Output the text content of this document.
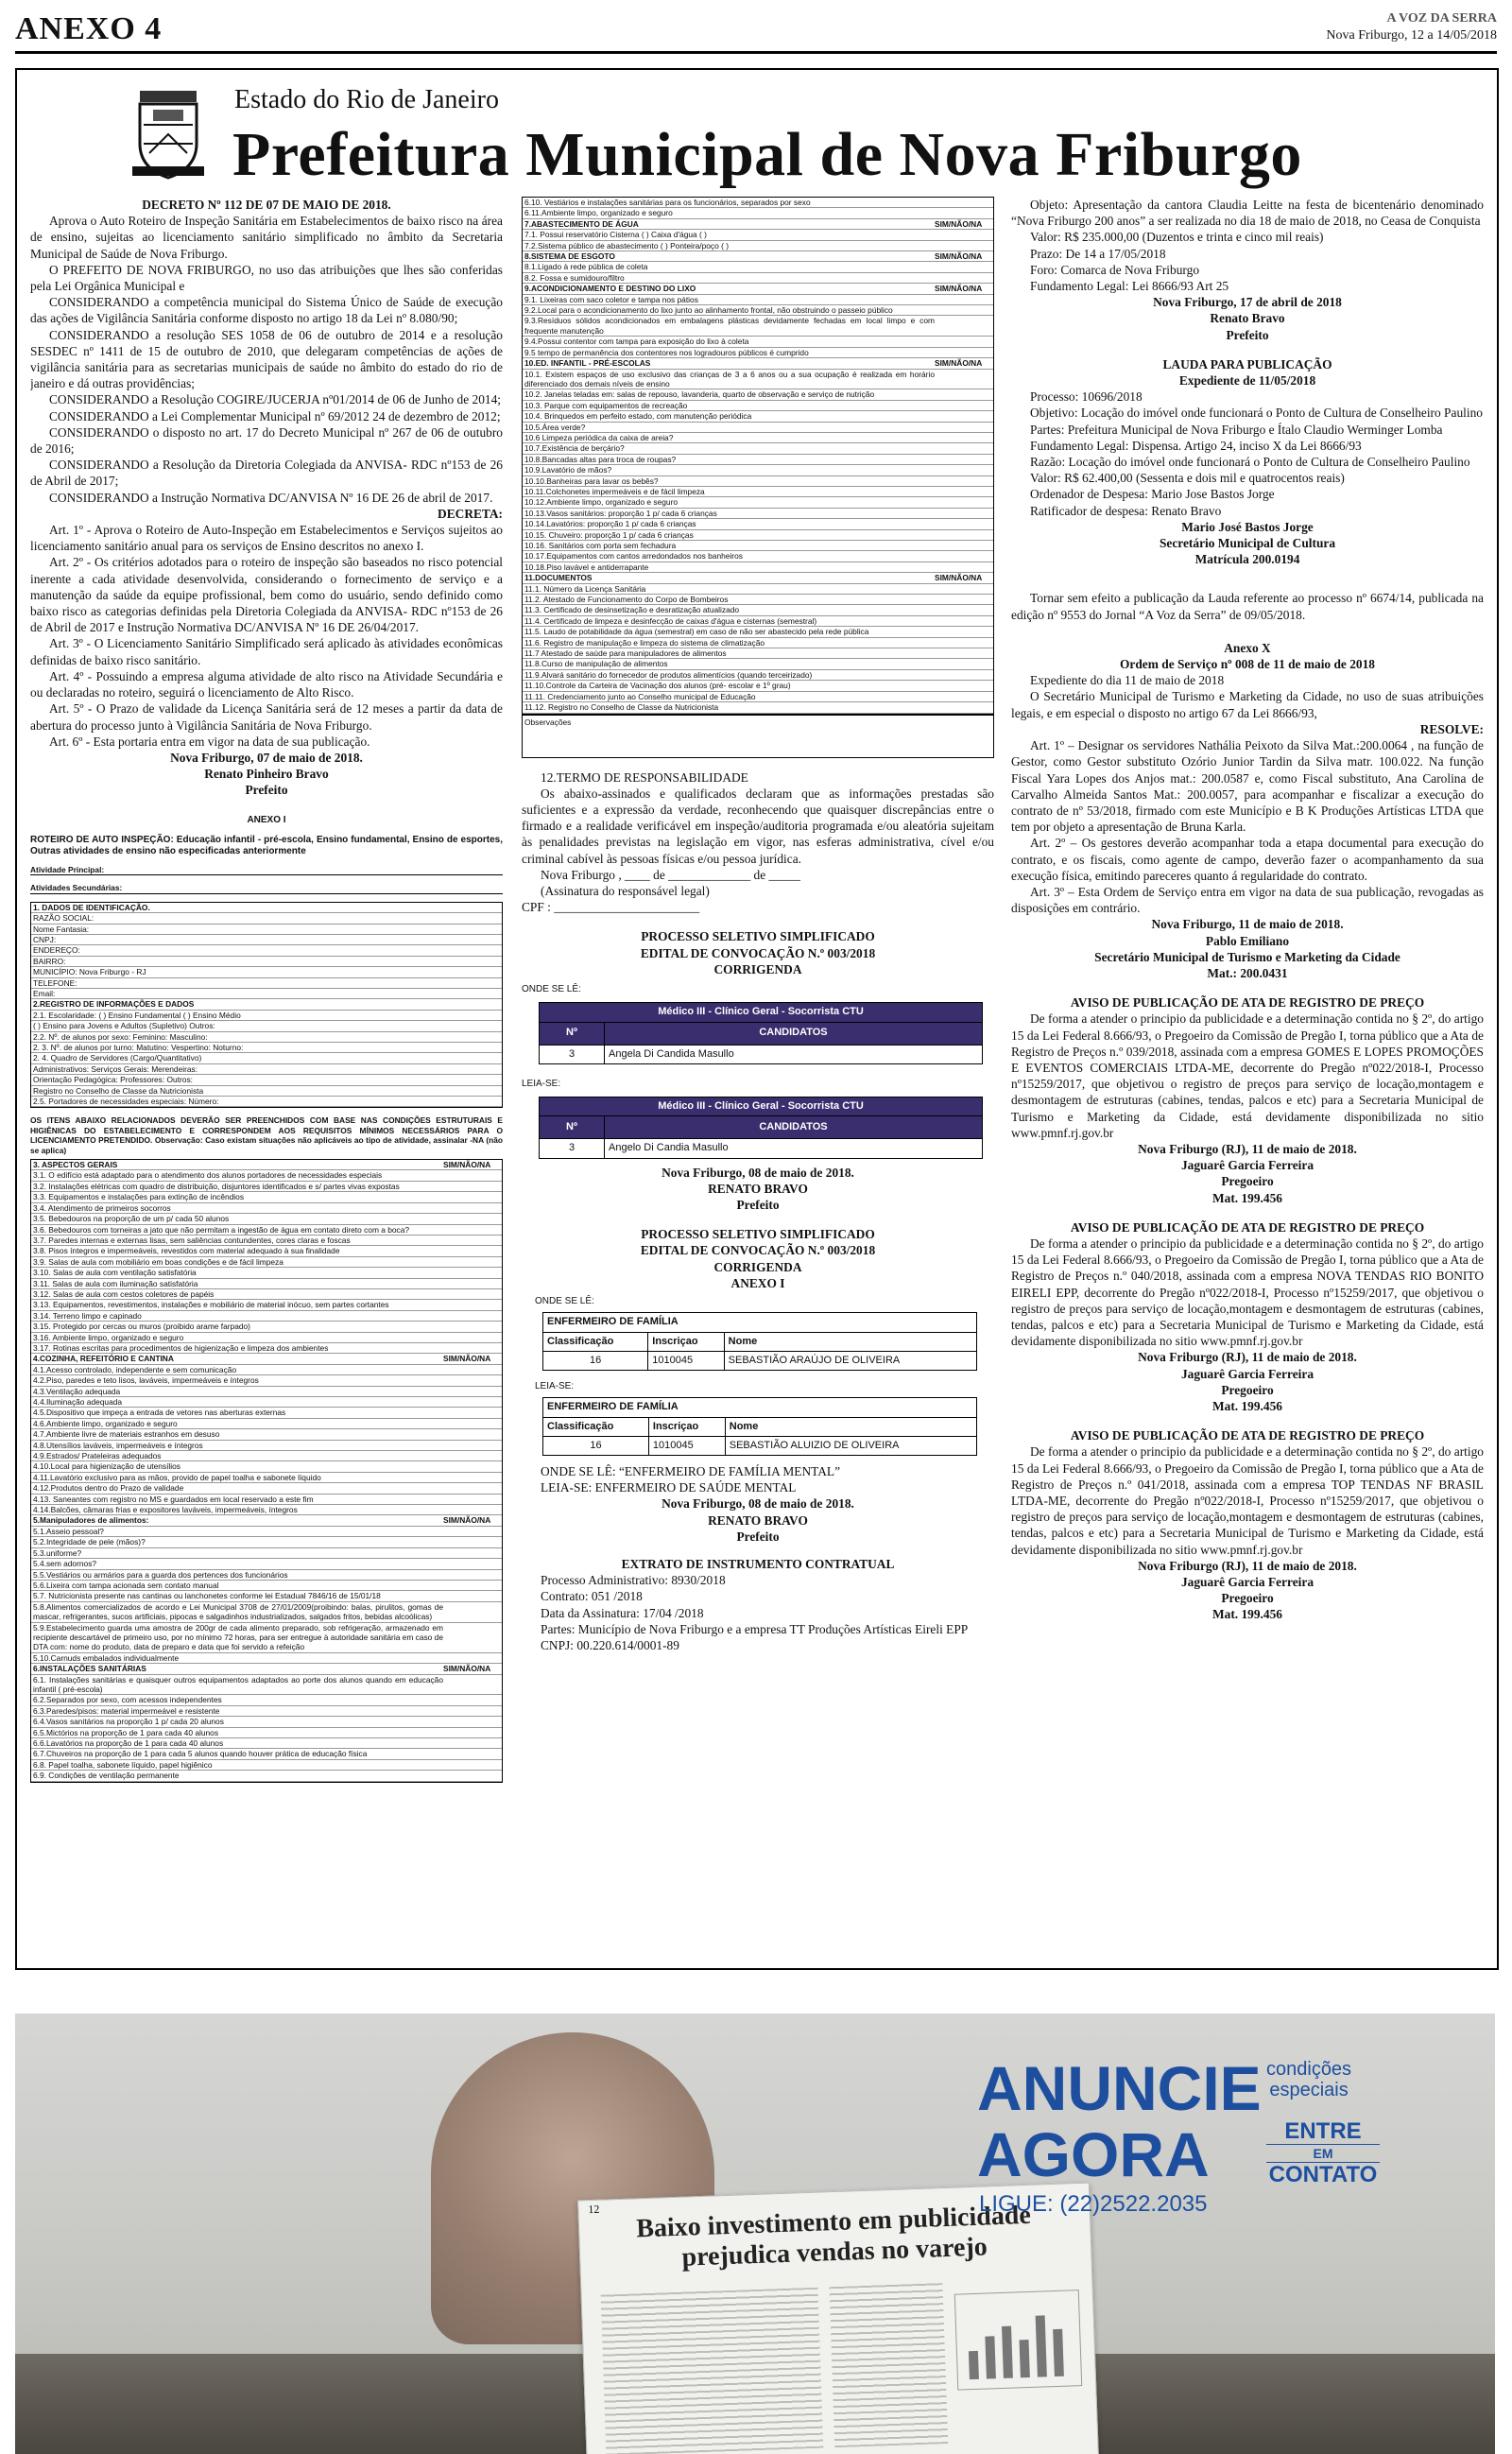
ANEXO 4	A VOZ DA SERRA
Nova Friburgo, 12 a 14/05/2018
Estado do Rio de Janeiro
Prefeitura Municipal de Nova Friburgo

DECRETO Nº 112 DE 07 DE MAIO DE 2018.

Aprova o Auto Roteiro de Inspeção Sanitária em Estabelecimentos de baixo risco na área de ensino, sujeitas ao licenciamento sanitário simplificado no âmbito da Secretaria Municipal de Saúde de Nova Friburgo.

O PREFEITO DE NOVA FRIBURGO, no uso das atribuições que lhes são conferidas pela Lei Orgânica Municipal e

CONSIDERANDO a competência municipal do Sistema Único de Saúde de execução das ações de Vigilância Sanitária conforme disposto no artigo 18 da Lei nº 8.080/90;

CONSIDERANDO a resolução SES 1058 de 06 de outubro de 2014 e a resolução SESDEC nº 1411 de 15 de outubro de 2010, que delegaram competências de ações de vigilância sanitária para as secretarias municipais de saúde no âmbito do estado do rio de janeiro e dá outras providências;

CONSIDERANDO a Resolução COGIRE/JUCERJA nº01/2014 de 06 de Junho de 2014;

CONSIDERANDO a Lei Complementar Municipal nº 69/2012 24 de dezembro de 2012;

CONSIDERANDO o disposto no art. 17 do Decreto Municipal nº 267 de 06 de outubro de 2016;

CONSIDERANDO a Resolução da Diretoria Colegiada da ANVISA- RDC nº153 de 26 de Abril de 2017;

CONSIDERANDO a Instrução Normativa DC/ANVISA Nº 16 DE 26 de abril de 2017.

DECRETA:

Art. 1º - Aprova o Roteiro de Auto-Inspeção em Estabelecimentos e Serviços sujeitos ao licenciamento sanitário anual para os serviços de Ensino descritos no anexo I.

Art. 2º - Os critérios adotados para o roteiro de inspeção são baseados no risco potencial inerente a cada atividade desenvolvida, considerando o fornecimento de serviço e a manutenção da saúde da equipe profissional, bem como do usuário, sendo definido como baixo risco as categorias definidas pela Diretoria Colegiada da ANVISA- RDC nº153 de 26 de Abril de 2017 e Instrução Normativa DC/ANVISA Nº 16 DE 26/04/2017.

Art. 3º - O Licenciamento Sanitário Simplificado será aplicado às atividades econômicas definidas de baixo risco sanitário.

Art. 4º - Possuindo a empresa alguma atividade de alto risco na Atividade Secundária e ou declaradas no roteiro, seguirá o licenciamento de Alto Risco.

Art. 5º - O Prazo de validade da Licença Sanitária será de 12 meses a partir da data de abertura do processo junto à Vigilância Sanitária de Nova Friburgo.

Art. 6º - Esta portaria entra em vigor na data de sua publicação.

Nova Friburgo, 07 de maio de 2018.

Renato Pinheiro Bravo

Prefeito

ANEXO I
ROTEIRO DE AUTO INSPEÇÃO: Educação infantil - pré-escola, Ensino fundamental, Ensino de esportes, Outras atividades de ensino não especificadas anteriormente
Atividade Principal:
Atividades Secundárias:
1. DADOS DE IDENTIFICAÇÃO.
RAZÃO SOCIAL:
Nome Fantasia:
CNPJ:
ENDEREÇO:
BAIRRO:
MUNICÍPIO: Nova Friburgo - RJ
TELEFONE:
Email:
2.REGISTRO DE INFORMAÇÕES E DADOS
2.1. Escolaridade: ( ) Ensino Fundamental ( ) Ensino Médio
( ) Ensino para Jovens e Adultos (Supletivo) Outros:
2.2. Nº. de alunos por sexo: Feminino: Masculino:
2. 3. Nº. de alunos por turno: Matutino: Vespertino: Noturno:
2. 4. Quadro de Servidores (Cargo/Quantitativo)
Administrativos: Serviços Gerais: Merendeiras:
Orientação Pedagógica: Professores: Outros:
Registro no Conselho de Classe da Nutricionista
2.5. Portadores de necessidades especiais: Número:
OS ITENS ABAIXO RELACIONADOS DEVERÃO SER PREENCHIDOS COM BASE NAS CONDIÇÕES ESTRUTURAIS E HIGIÊNICAS DO ESTABELECIMENTO E CORRESPONDEM AOS REQUISITOS MÍNIMOS NECESSÁRIOS PARA O LICENCIAMENTO PRETENDIDO. Observação: Caso existam situações não aplicáveis ao tipo de atividade, assinalar -NA (não se aplica)
3. ASPECTOS GERAIS	SIM/NÃO/NA
3.1. O edifício está adaptado para o atendimento dos alunos portadores de necessidades especiais
3.2. Instalações elétricas com quadro de distribuição, disjuntores identificados e s/ partes vivas expostas
3.3. Equipamentos e instalações para extinção de incêndios
3.4. Atendimento de primeiros socorros
3.5. Bebedouros na proporção de um p/ cada 50 alunos
3.6. Bebedouros com torneiras a jato que não permitam a ingestão de água em contato direto com a boca?
3.7. Paredes internas e externas lisas, sem saliências contundentes, cores claras e foscas
3.8. Pisos íntegros e impermeáveis, revestidos com material adequado à sua finalidade
3.9. Salas de aula com mobiliário em boas condições e de fácil limpeza
3.10. Salas de aula com ventilação satisfatória
3.11. Salas de aula com iluminação satisfatória
3.12. Salas de aula com cestos coletores de papéis
3.13. Equipamentos, revestimentos, instalações e mobiliário de material inócuo, sem partes cortantes
3.14. Terreno limpo e capinado
3.15. Protegido por cercas ou muros (proibido arame farpado)
3.16. Ambiente limpo, organizado e seguro
3.17. Rotinas escritas para procedimentos de higienização e limpeza dos ambientes
4.COZINHA, REFEITÓRIO E CANTINA	SIM/NÃO/NA
4.1.Acesso controlado, independente e sem comunicação
4.2.Piso, paredes e teto lisos, laváveis, impermeáveis e íntegros
4.3.Ventilação adequada
4.4.Iluminação adequada
4.5.Dispositivo que impeça a entrada de vetores nas aberturas externas
4.6.Ambiente limpo, organizado e seguro
4.7.Ambiente livre de materiais estranhos em desuso
4.8.Utensílios laváveis, impermeáveis e íntegros
4.9.Estrados/ Prateleiras adequados
4.10.Local para higienização de utensílios
4.11.Lavatório exclusivo para as mãos, provido de papel toalha e sabonete líquido
4.12.Produtos dentro do Prazo de validade
4.13. Saneantes com registro no MS e guardados em local reservado a este fim
4.14.Balcões, câmaras frias e expositores laváveis, impermeáveis, íntegros
5.Manipuladores de alimentos:	SIM/NÃO/NA
5.1.Asseio pessoal?
5.2.Integridade de pele (mãos)?
5.3.uniforme?
5.4.sem adornos?
5.5.Vestiários ou armários para a guarda dos pertences dos funcionários
5.6.Lixeira com tampa acionada sem contato manual
5.7. Nutricionista presente nas cantinas ou lanchonetes conforme lei Estadual 7846/16 de 15/01/18
5.8.Alimentos comercializados de acordo e Lei Municipal 3708 de 27/01/2009(proibindo: balas, pirulitos, gomas de mascar, refrigerantes, sucos artificiais, pipocas e salgadinhos industrializados, salgados fritos, bebidas alcoólicas)
5.9.Estabelecimento guarda uma amostra de 200gr de cada alimento preparado, sob refrigeração, armazenado em recipiente descartável de primeiro uso, por no mínimo 72 horas, para ser entregue à autoridade sanitária em caso de DTA com: nome do produto, data de preparo e data que foi servido a refeição
5.10.Carnuds embalados individualmente
6.INSTALAÇÕES SANITÁRIAS	SIM/NÃO/NA
6.1. Instalações sanitárias e quaisquer outros equipamentos adaptados ao porte dos alunos quando em educação infantil ( pré-escola)
6.2.Separados por sexo, com acessos independentes
6.3.Paredes/pisos: material impermeável e resistente
6.4.Vasos sanitários na proporção 1 p/ cada 20 alunos
6.5.Mictórios na proporção de 1 para cada 40 alunos
6.6.Lavatórios na proporção de 1 para cada 40 alunos
6.7.Chuveiros na proporção de 1 para cada 5 alunos quando houver prática de educação física
6.8. Papel toalha, sabonete líquido, papel higiênico
6.9. Condições de ventilação permanente
6.10. Vestiários e instalações sanitárias para os funcionários, separados por sexo
6.11.Ambiente limpo, organizado e seguro
7.ABASTECIMENTO DE ÁGUA	SIM/NÃO/NA
7.1. Possui reservatório Cisterna ( ) Caixa d'água ( )
7.2.Sistema público de abastecimento ( ) Ponteira/poço ( )
8.SISTEMA DE ESGOTO	SIM/NÃO/NA
8.1.Ligado à rede pública de coleta
8.2. Fossa e sumidouro/filtro
9.ACONDICIONAMENTO E DESTINO DO LIXO	SIM/NÃO/NA
9.1. Lixeiras com saco coletor e tampa nos pátios
9.2.Local para o acondicionamento do lixo junto ao alinhamento frontal, não obstruindo o passeio público
9.3.Resíduos sólidos acondicionados em embalagens plásticas devidamente fechadas em local limpo e com frequente manutenção
9.4.Possui contentor com tampa para exposição do lixo à coleta
9.5 tempo de permanência dos contentores nos logradouros públicos é cumprido
10.ED. INFANTIL - PRÉ-ESCOLAS	SIM/NÃO/NA
10.1. Existem espaços de uso exclusivo das crianças de 3 a 6 anos ou a sua ocupação é realizada em horário diferenciado dos demais níveis de ensino
10.2. Janelas teladas em: salas de repouso, lavanderia, quarto de observação e serviço de nutrição
10.3. Parque com equipamentos de recreação
10.4. Brinquedos em perfeito estado, com manutenção periódica
10.5.Área verde?
10.6 Limpeza periódica da caixa de areia?
10.7.Existência de berçário?
10.8.Bancadas altas para troca de roupas?
10.9.Lavatório de mãos?
10.10.Banheiras para lavar os bebês?
10.11.Colchonetes impermeáveis e de fácil limpeza
10.12.Ambiente limpo, organizado e seguro
10.13.Vasos sanitários: proporção 1 p/ cada 6 crianças
10.14.Lavatórios: proporção 1 p/ cada 6 crianças
10.15. Chuveiro: proporção 1 p/ cada 6 crianças
10.16. Sanitários com porta sem fechadura
10.17.Equipamentos com cantos arredondados nos banheiros
10.18.Piso lavável e antiderrapante
11.DOCUMENTOS	SIM/NÃO/NA
11.1. Número da Licença Sanitária
11.2. Atestado de Funcionamento do Corpo de Bombeiros
11.3. Certificado de desinsetização e desratização atualizado
11.4. Certificado de limpeza e desinfecção de caixas d'água e cisternas (semestral)
11.5. Laudo de potabilidade da água (semestral) em caso de não ser abastecido pela rede pública
11.6. Registro de manipulação e limpeza do sistema de climatização
11.7 Atestado de saúde para manipuladores de alimentos
11.8.Curso de manipulação de alimentos
11.9.Alvará sanitário do fornecedor de produtos alimentícios (quando terceirizado)
11.10.Controle da Carteira de Vacinação dos alunos (pré- escolar e 1º grau)
11.11. Credenciamento junto ao Conselho municipal de Educação
11.12. Registro no Conselho de Classe da Nutricionista
Observações

12.TERMO DE RESPONSABILIDADE

Os abaixo-assinados e qualificados declaram que as informações prestadas são suficientes e a expressão da verdade, reconhecendo que quaisquer discrepâncias entre o firmado e a realidade verificável em inspeção/auditoria programada e/ou aleatória sujeitam às penalidades previstas na legislação em vigor, nas esferas administrativa, cível e/ou criminal cabível às pessoas físicas e/ou pessoa jurídica.

Nova Friburgo , ____ de _____________ de _____

(Assinatura do responsável legal)

CPF : _______________________

PROCESSO SELETIVO SIMPLIFICADO

EDITAL DE CONVOCAÇÃO N.º 003/2018

CORRIGENDA

ONDE SE LÊ:
Médico III - Clínico Geral - Socorrista CTU	
Nº	CANDIDATOS
3	Angela Di Candida Masullo
LEIA-SE:
Médico III - Clínico Geral - Socorrista CTU	
Nº	CANDIDATOS
3	Angelo Di Candia Masullo

Nova Friburgo, 08 de maio de 2018.

RENATO BRAVO

Prefeito

PROCESSO SELETIVO SIMPLIFICADO

EDITAL DE CONVOCAÇÃO N.º 003/2018

CORRIGENDA

ANEXO I

ONDE SE LÊ:
ENFERMEIRO DE FAMÍLIA		
Classificação	Inscriçao	Nome
16	1010045	SEBASTIÃO ARAÚJO DE OLIVEIRA
LEIA-SE:
ENFERMEIRO DE FAMÍLIA		
Classificação	Inscriçao	Nome
16	1010045	SEBASTIÃO ALUIZIO DE OLIVEIRA

ONDE SE LÊ: “ENFERMEIRO DE FAMÍLIA MENTAL”

LEIA-SE: ENFERMEIRO DE SAÚDE MENTAL

Nova Friburgo, 08 de maio de 2018.

RENATO BRAVO

Prefeito

EXTRATO DE INSTRUMENTO CONTRATUAL

Processo Administrativo: 8930/2018

Contrato: 051 /2018

Data da Assinatura: 17/04 /2018

Partes: Município de Nova Friburgo e a empresa TT Produções Artísticas Eireli EPP

CNPJ: 00.220.614/0001-89

Objeto: Apresentação da cantora Claudia Leitte na festa de bicentenário denominado “Nova Friburgo 200 anos” a ser realizada no dia 18 de maio de 2018, no Ceasa de Conquista

Valor: R$ 235.000,00 (Duzentos e trinta e cinco mil reais)

Prazo: De 14 a 17/05/2018

Foro: Comarca de Nova Friburgo

Fundamento Legal: Lei 8666/93 Art 25

Nova Friburgo, 17 de abril de 2018

Renato Bravo

Prefeito

LAUDA PARA PUBLICAÇÃO

Expediente de 11/05/2018

Processo: 10696/2018

Objetivo: Locação do imóvel onde funcionará o Ponto de Cultura de Conselheiro Paulino

Partes: Prefeitura Municipal de Nova Friburgo e Ítalo Claudio Werminger Lomba

Fundamento Legal: Dispensa. Artigo 24, inciso X da Lei 8666/93

Razão: Locação do imóvel onde funcionará o Ponto de Cultura de Conselheiro Paulino

Valor: R$ 62.400,00 (Sessenta e dois mil e quatrocentos reais)

Ordenador de Despesa: Mario Jose Bastos Jorge

Ratificador de despesa: Renato Bravo

Mario José Bastos Jorge

Secretário Municipal de Cultura

Matrícula 200.0194

Tornar sem efeito a publicação da Lauda referente ao processo nº 6674/14, publicada na edição nº 9553 do Jornal “A Voz da Serra” de 09/05/2018.

Anexo X

Ordem de Serviço nº 008 de 11 de maio de 2018

Expediente do dia 11 de maio de 2018

O Secretário Municipal de Turismo e Marketing da Cidade, no uso de suas atribuições legais, e em especial o disposto no artigo 67 da Lei 8666/93,

RESOLVE:

Art. 1º – Designar os servidores Nathália Peixoto da Silva Mat.:200.0064 , na função de Gestor, como Gestor substituto Ozório Junior Tardin da Silva matr. 100.022. Na função Fiscal Yara Lopes dos Anjos mat.: 200.0587 e, como Fiscal substituto, Ana Carolina de Carvalho Almeida Santos Mat.: 200.0057, para acompanhar e fiscalizar a execução do contrato de nº 53/2018, firmado com este Município e B K Produções Artísticas LTDA que tem por objeto a apresentação de Bruna Karla.

Art. 2º – Os gestores deverão acompanhar toda a etapa documental para execução do contrato, e os fiscais, como agente de campo, deverão fazer o acompanhamento da sua execução física, emitindo pareceres quanto á regularidade do contrato.

Art. 3º – Esta Ordem de Serviço entra em vigor na data de sua publicação, revogadas as disposições em contrário.

Nova Friburgo, 11 de maio de 2018.

Pablo Emiliano

Secretário Municipal de Turismo e Marketing da Cidade

Mat.: 200.0431

AVISO DE PUBLICAÇÃO DE ATA DE REGISTRO DE PREÇO

De forma a atender o principio da publicidade e a determinação contida no § 2º, do artigo 15 da Lei Federal 8.666/93, o Pregoeiro da Comissão de Pregão I, torna público que a Ata de Registro de Preços n.º 039/2018, assinada com a empresa GOMES E LOPES PROMOÇÕES E EVENTOS COMERCIAIS LTDA-ME, decorrente do Pregão nº022/2018-I, Processo nº15259/2017, que objetivou o registro de preços para serviço de locação,montagem e desmontagem de estruturas (cabines, tendas, palcos e etc) para a Secretaria Municipal de Turismo e Marketing da Cidade, está devidamente disponibilizada no sitio www.pmnf.rj.gov.br

Nova Friburgo (RJ), 11 de maio de 2018.

Jaguarê Garcia Ferreira

Pregoeiro

Mat. 199.456

AVISO DE PUBLICAÇÃO DE ATA DE REGISTRO DE PREÇO

De forma a atender o principio da publicidade e a determinação contida no § 2º, do artigo 15 da Lei Federal 8.666/93, o Pregoeiro da Comissão de Pregão I, torna público que a Ata de Registro de Preços n.º 040/2018, assinada com a empresa NOVA TENDAS RIO BONITO EIRELI EPP, decorrente do Pregão nº022/2018-I, Processo nº15259/2017, que objetivou o registro de preços para serviço de locação,montagem e desmontagem de estruturas (cabines, tendas, palcos e etc) para a Secretaria Municipal de Turismo e Marketing da Cidade, está devidamente disponibilizada no sitio www.pmnf.rj.gov.br

Nova Friburgo (RJ), 11 de maio de 2018.

Jaguarê Garcia Ferreira

Pregoeiro

Mat. 199.456

AVISO DE PUBLICAÇÃO DE ATA DE REGISTRO DE PREÇO

De forma a atender o principio da publicidade e a determinação contida no § 2º, do artigo 15 da Lei Federal 8.666/93, o Pregoeiro da Comissão de Pregão I, torna público que a Ata de Registro de Preços n.º 041/2018, assinada com a empresa TOP TENDAS NF BRASIL LTDA-ME, decorrente do Pregão nº022/2018-I, Processo nº15259/2017, que objetivou o registro de preços para serviço de locação,montagem e desmontagem de estruturas (cabines, tendas, palcos e etc) para a Secretaria Municipal de Turismo e Marketing da Cidade, está devidamente disponibilizada no sitio www.pmnf.rj.gov.br

Nova Friburgo (RJ), 11 de maio de 2018.

Jaguarê Garcia Ferreira

Pregoeiro

Mat. 199.456

12	Baixo investimento em publicidade prejudica vendas no varejo
ANUNCIE
AGORA
condições
especiais
ENTRE
EM
CONTATO
LIGUE: (22)2522.2035
